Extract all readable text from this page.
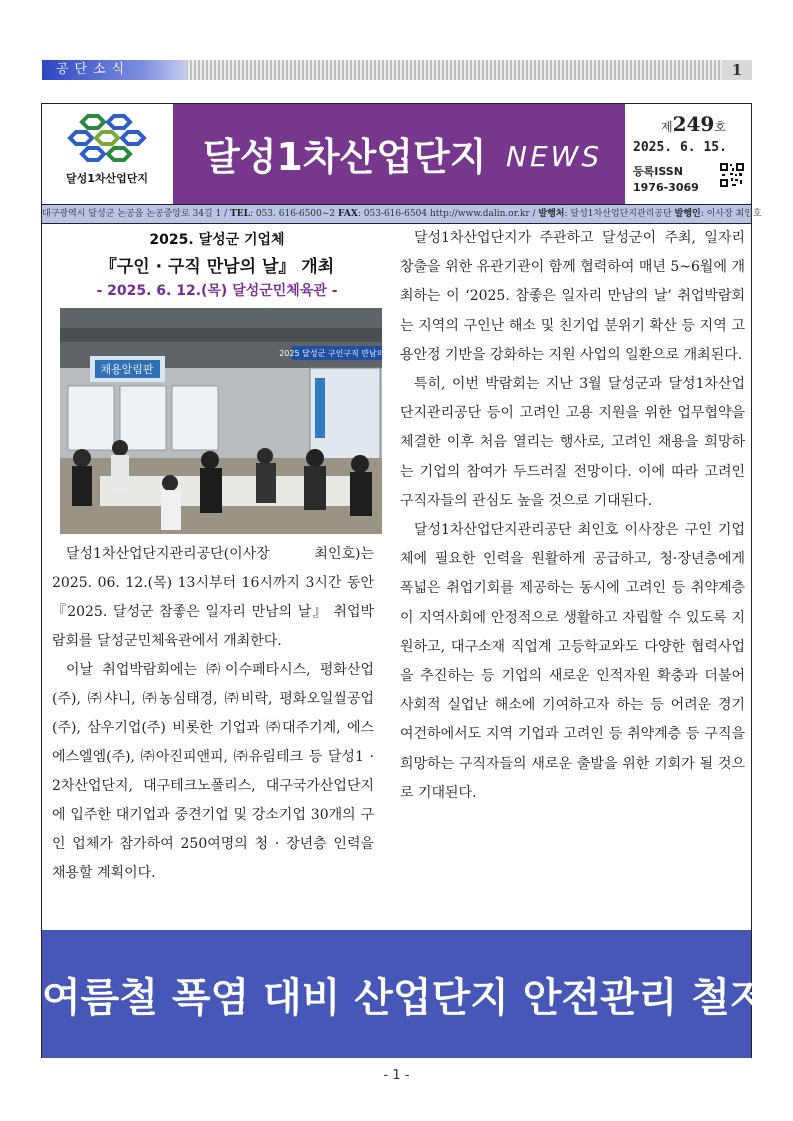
공단소식	1
달성1차산업단지	달성1차산업단지 NEWS
제249호
2025. 6. 15.
등록ISSN
1976-3069
대구광역시 달성군 논공읍 논공중앙로 34길 1 / TEL: 053. 616-6500~2 FAX: 053-616-6504 http://www.dalin.or.kr / 발행처: 달성1차산업단지관리공단 발행인: 이사장 최인호
2025. 달성군 기업체
『구인 · 구직 만남의 날』 개최
- 2025. 6. 12.(목) 달성군민체육관 -
채용알림판
2025 달성군 구인구직 만남의 날

달성1차산업단지관리공단(이사장 최인호)는 2025. 06. 12.(목) 13시부터 16시까지 3시간 동안『2025. 달성군 참좋은 일자리 만남의 날』 취업박람회를 달성군민체육관에서 개최한다.

이날 취업박람회에는 ㈜이수페타시스, 평화산업(주), ㈜샤니, ㈜농심태경, ㈜비락, 평화오일씰공업(주), 삼우기업(주) 비롯한 기업과 ㈜대주기계, 에스에스엘엠(주), ㈜아진피앤피, ㈜유림테크 등 달성1 · 2차산업단지, 대구테크노폴리스, 대구국가산업단지에 입주한 대기업과 중견기업 및 강소기업 30개의 구인 업체가 참가하여 250여명의 청 · 장년층 인력을 채용할 계획이다.

달성1차산업단지가 주관하고 달성군이 주최, 일자리 창출을 위한 유관기관이 함께 협력하여 매년 5~6월에 개최하는 이 ‘2025. 참좋은 일자리 만남의 날’ 취업박람회는 지역의 구인난 해소 및 친기업 분위기 확산 등 지역 고용안정 기반을 강화하는 지원 사업의 일환으로 개최된다.

특히, 이번 박람회는 지난 3월 달성군과 달성1차산업단지관리공단 등이 고려인 고용 지원을 위한 업무협약을 체결한 이후 처음 열리는 행사로, 고려인 채용을 희망하는 기업의 참여가 두드러질 전망이다. 이에 따라 고려인 구직자들의 관심도 높을 것으로 기대된다.

달성1차산업단지관리공단 최인호 이사장은 구인 기업체에 필요한 인력을 원활하게 공급하고, 청·장년층에게 폭넓은 취업기회를 제공하는 동시에 고려인 등 취약계층이 지역사회에 안정적으로 생활하고 자립할 수 있도록 지원하고, 대구소재 직업계 고등학교와도 다양한 협력사업을 추진하는 등 기업의 새로운 인적자원 확충과 더불어 사회적 실업난 해소에 기여하고자 하는 등 어려운 경기 여건하에서도 지역 기업과 고려인 등 취약계층 등 구직을 희망하는 구직자들의 새로운 출발을 위한 기회가 될 것으로 기대된다.

여름철 폭염 대비 산업단지 안전관리 철저
- 1 -
